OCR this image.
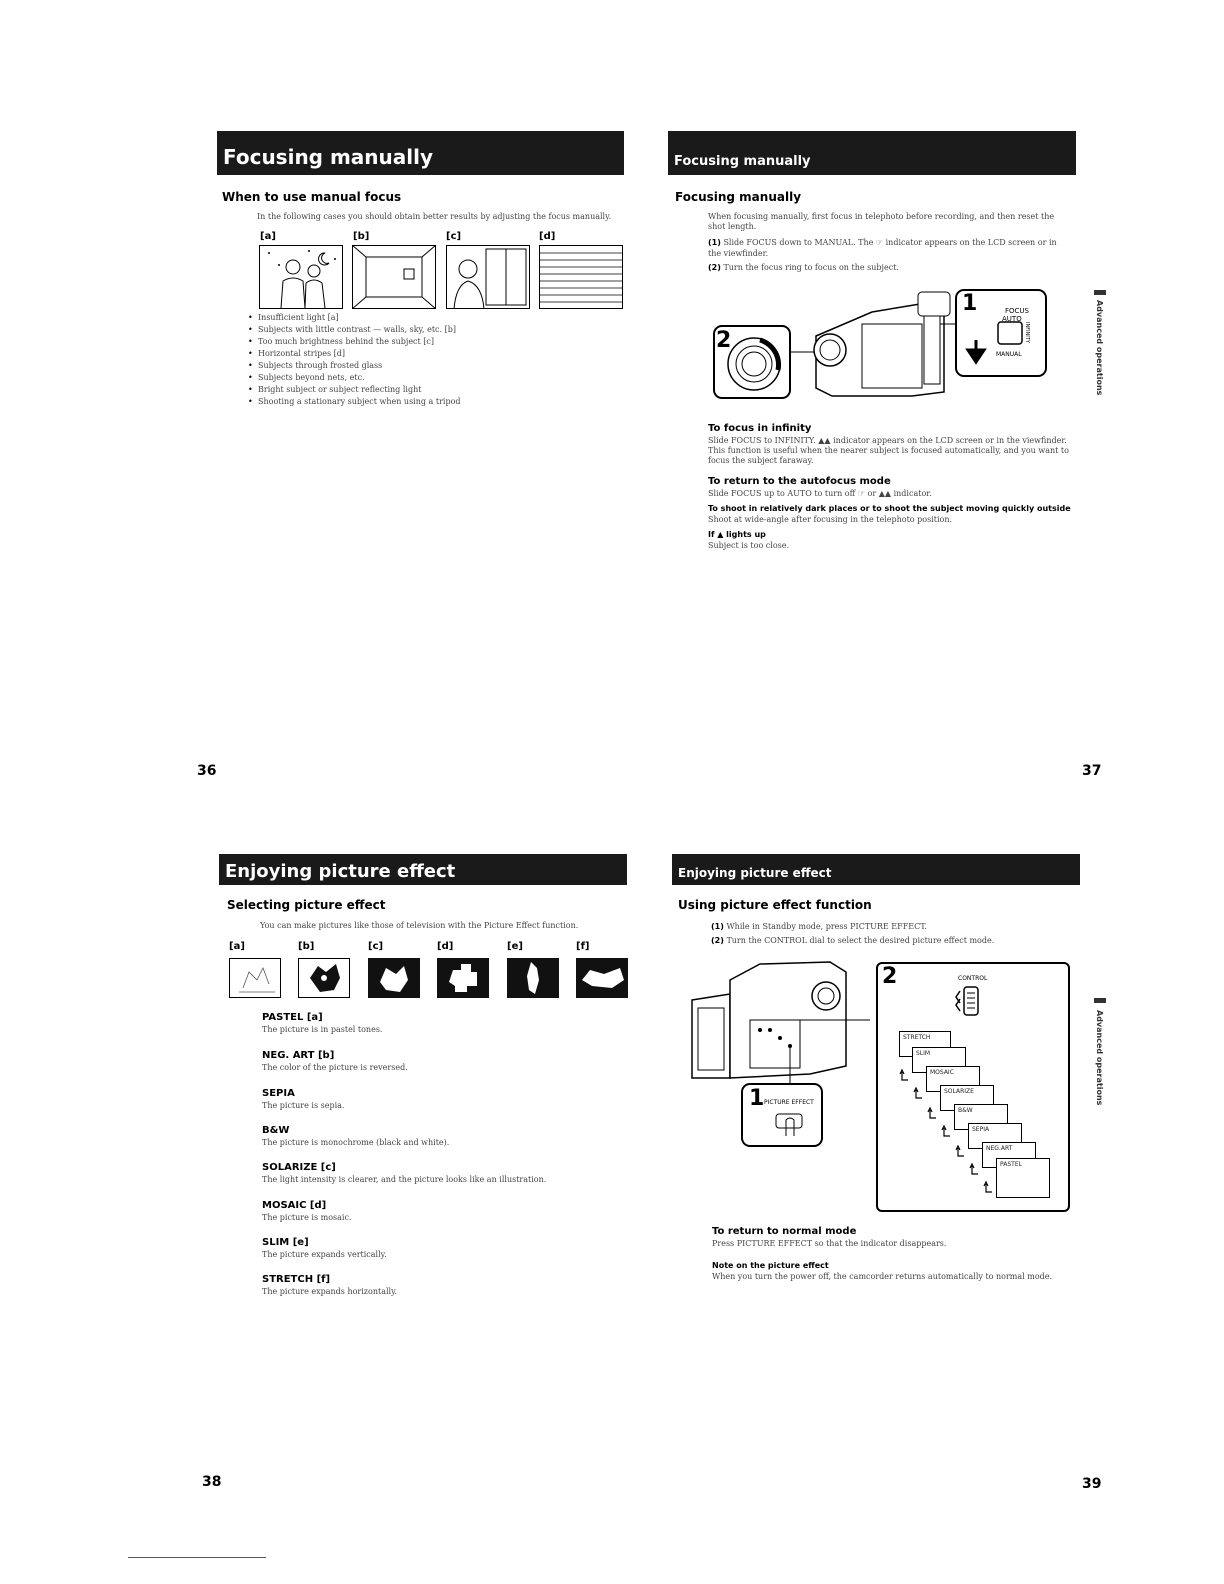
Focusing manually
When to use manual focus
In the following cases you should obtain better results by adjusting the focus manually.
[a]	[b]	[c]	[d]
• Insufficient light [a]
• Subjects with little contrast — walls, sky, etc. [b]
• Too much brightness behind the subject [c]
• Horizontal stripes [d]
• Subjects through frosted glass
• Subjects beyond nets, etc.
• Bright subject or subject reflecting light
• Shooting a stationary subject when using a tripod
36
Focusing manually
Focusing manually
When focusing manually, first focus in telephoto before recording, and then reset the shot length.
(1) Slide FOCUS down to MANUAL. The ☞ indicator appears on the LCD screen or in the viewfinder.
(2) Turn the focus ring to focus on the subject.
1
2
FOCUS
AUTO
INFINITY
MANUAL
To focus in infinity
Slide FOCUS to INFINITY. ▲▲ indicator appears on the LCD screen or in the viewfinder. This function is useful when the nearer subject is focused automatically, and you want to focus the subject faraway.
To return to the autofocus mode
Slide FOCUS up to AUTO to turn off ☞ or ▲▲ indicator.
To shoot in relatively dark places or to shoot the subject moving quickly outside
Shoot at wide-angle after focusing in the telephoto position.
If ▲ lights up
Subject is too close.
Advanced operations
37
Enjoying picture effect
Selecting picture effect
You can make pictures like those of television with the Picture Effect function.
[a]	[b]	[c]	[d]	[e]	[f]
PASTEL [a]
The picture is in pastel tones.
NEG. ART [b]
The color of the picture is reversed.
SEPIA
The picture is sepia.
B&W
The picture is monochrome (black and white).
SOLARIZE [c]
The light intensity is clearer, and the picture looks like an illustration.
MOSAIC [d]
The picture is mosaic.
SLIM [e]
The picture expands vertically.
STRETCH [f]
The picture expands horizontally.
38
Enjoying picture effect
Using picture effect function
(1) While in Standby mode, press PICTURE EFFECT.
(2) Turn the CONTROL dial to select the desired picture effect mode.
1 PICTURE EFFECT
2	CONTROL
STRETCH
SLIM
MOSAIC
SOLARIZE
B&W
SEPIA
NEG.ART
PASTEL
To return to normal mode
Press PICTURE EFFECT so that the indicator disappears.
Note on the picture effect
When you turn the power off, the camcorder returns automatically to normal mode.
Advanced operations
39
